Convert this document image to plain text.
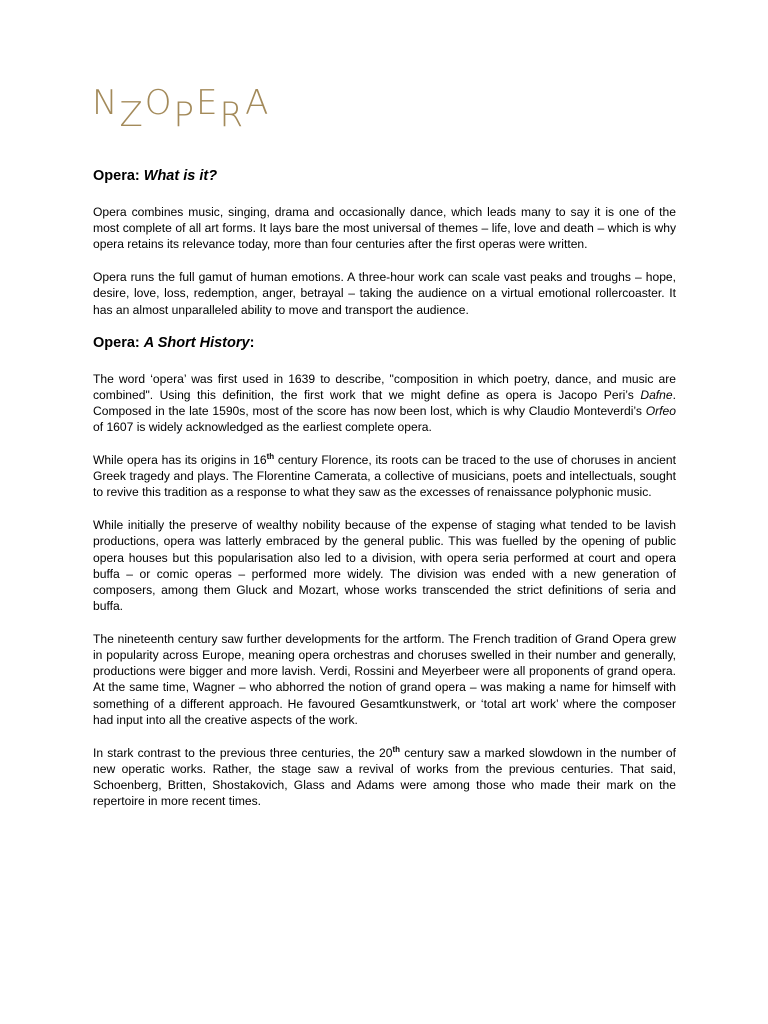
N Z O P E R A
Opera: What is it?

Opera combines music, singing, drama and occasionally dance, which leads many to say it is one of the most complete of all art forms. It lays bare the most universal of themes – life, love and death – which is why opera retains its relevance today, more than four centuries after the first operas were written.

Opera runs the full gamut of human emotions. A three-hour work can scale vast peaks and troughs – hope, desire, love, loss, redemption, anger, betrayal – taking the audience on a virtual emotional rollercoaster. It has an almost unparalleled ability to move and transport the audience.

Opera: A Short History:

The word ‘opera’ was first used in 1639 to describe, "composition in which poetry, dance, and music are combined". Using this definition, the first work that we might define as opera is Jacopo Peri’s Dafne. Composed in the late 1590s, most of the score has now been lost, which is why Claudio Monteverdi’s Orfeo of 1607 is widely acknowledged as the earliest complete opera.

While opera has its origins in 16th century Florence, its roots can be traced to the use of choruses in ancient Greek tragedy and plays. The Florentine Camerata, a collective of musicians, poets and intellectuals, sought to revive this tradition as a response to what they saw as the excesses of renaissance polyphonic music.

While initially the preserve of wealthy nobility because of the expense of staging what tended to be lavish productions, opera was latterly embraced by the general public. This was fuelled by the opening of public opera houses but this popularisation also led to a division, with opera seria performed at court and opera buffa – or comic operas – performed more widely. The division was ended with a new generation of composers, among them Gluck and Mozart, whose works transcended the strict definitions of seria and buffa.

The nineteenth century saw further developments for the artform. The French tradition of Grand Opera grew in popularity across Europe, meaning opera orchestras and choruses swelled in their number and generally, productions were bigger and more lavish. Verdi, Rossini and Meyerbeer were all proponents of grand opera. At the same time, Wagner – who abhorred the notion of grand opera – was making a name for himself with something of a different approach. He favoured Gesamtkunstwerk, or ‘total art work’ where the composer had input into all the creative aspects of the work.

In stark contrast to the previous three centuries, the 20th century saw a marked slowdown in the number of new operatic works. Rather, the stage saw a revival of works from the previous centuries. That said, Schoenberg, Britten, Shostakovich, Glass and Adams were among those who made their mark on the repertoire in more recent times.
